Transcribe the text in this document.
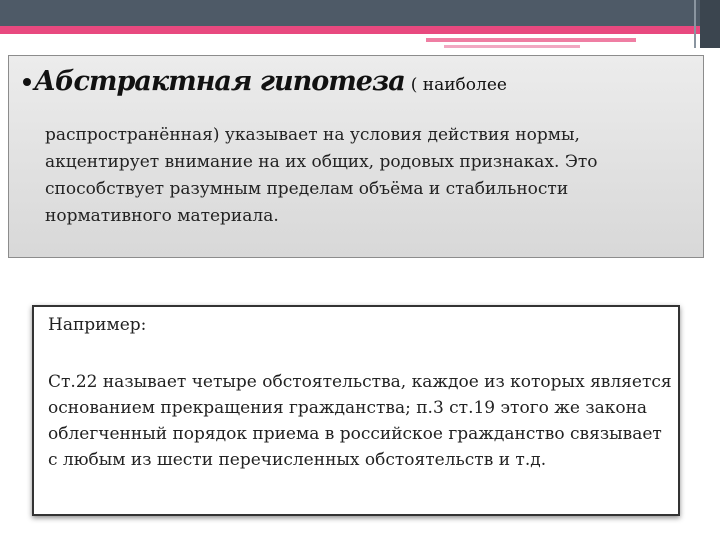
Абстрактная гипотеза ( наиболее

распространённая) указывает на условия действия нормы, акцентирует внимание на их общих, родовых признаках. Это способствует разумным пределам объёма и стабильности нормативного материала.

Например:

Ст.22 называет четыре обстоятельства, каждое из которых является основанием прекращения гражданства; п.3 ст.19 этого же закона облегченный порядок приема в российское гражданство связывает с любым из шести перечисленных обстоятельств и т.д.
